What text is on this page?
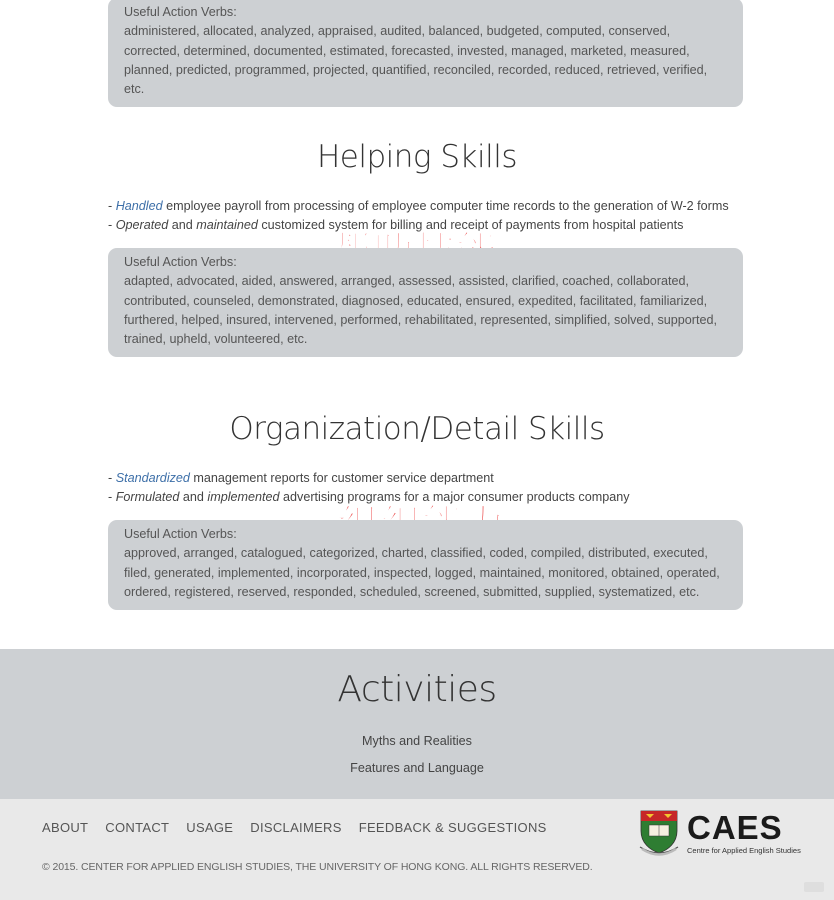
Useful Action Verbs:
administered, allocated, analyzed, appraised, audited, balanced, budgeted, computed, conserved, corrected, determined, documented, estimated, forecasted, invested, managed, marketed, measured, planned, predicted, programmed, projected, quantified, reconciled, recorded, reduced, retrieved, verified, etc.
Helping Skills
- Handled employee payroll from processing of employee computer time records to the generation of W-2 forms
- Operated and maintained customized system for billing and receipt of payments from hospital patients
Useful Action Verbs:
adapted, advocated, aided, answered, arranged, assessed, assisted, clarified, coached, collaborated, contributed, counseled, demonstrated, diagnosed, educated, ensured, expedited, facilitated, familiarized, furthered, helped, insured, intervened, performed, rehabilitated, represented, simplified, solved, supported, trained, upheld, volunteered, etc.
Organization/Detail Skills
- Standardized management reports for customer service department
- Formulated and implemented advertising programs for a major consumer products company
Useful Action Verbs:
approved, arranged, catalogued, categorized, charted, classified, coded, compiled, distributed, executed, filed, generated, implemented, incorporated, inspected, logged, maintained, monitored, obtained, operated, ordered, registered, reserved, responded, scheduled, screened, submitted, supplied, systematized, etc.
Activities
Myths and Realities
Features and Language
ABOUT CONTACT USAGE DISCLAIMERS FEEDBACK & SUGGESTIONS
© 2015. CENTER FOR APPLIED ENGLISH STUDIES, THE UNIVERSITY OF HONG KONG. ALL RIGHTS RESERVED.
CAES
Centre for Applied English Studies
